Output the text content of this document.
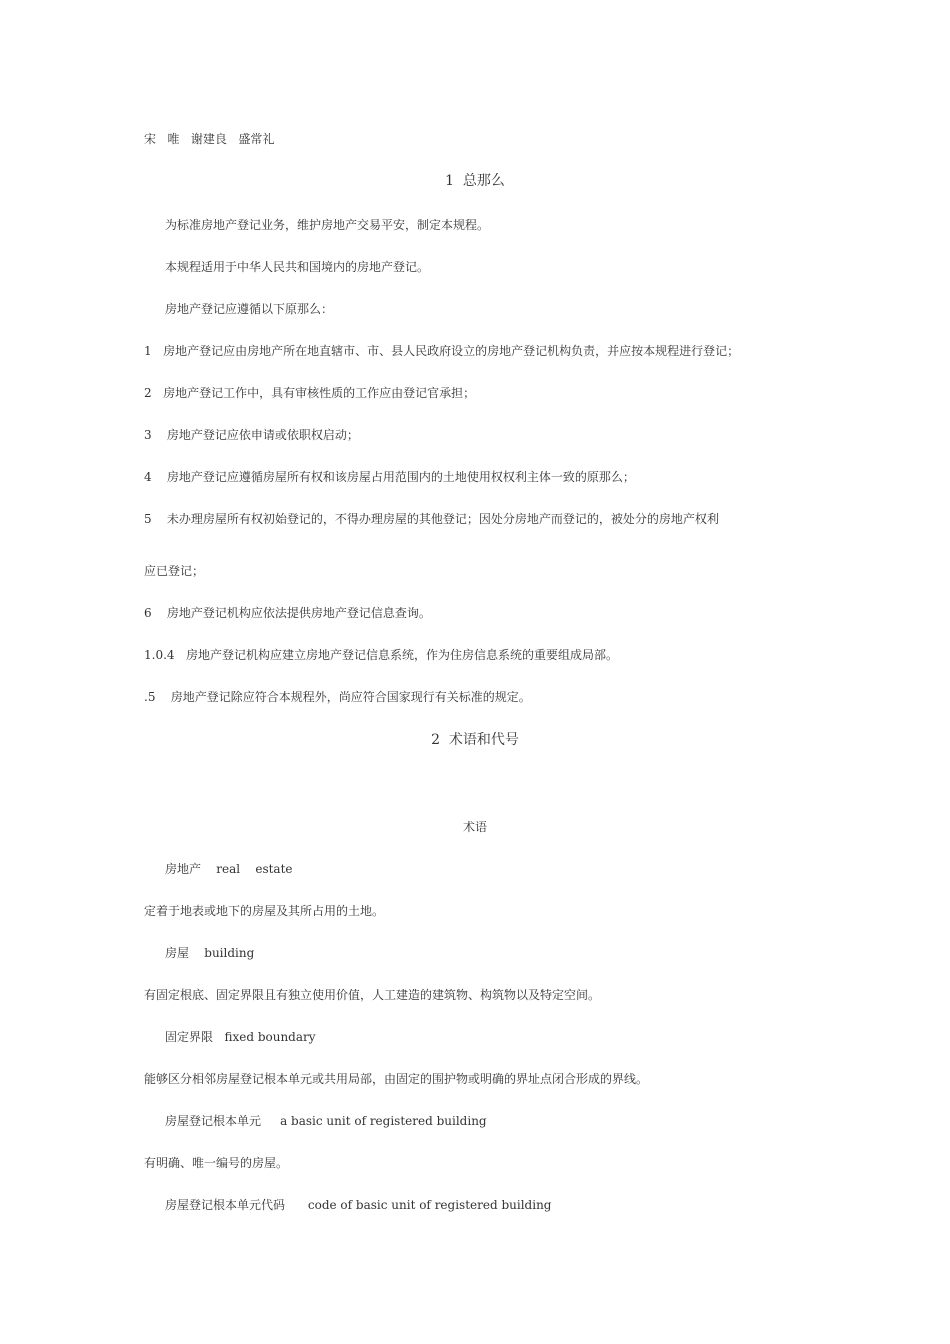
宋   唯   谢建良   盛常礼
1  总那么
为标准房地产登记业务，维护房地产交易平安，制定本规程。
本规程适用于中华人民共和国境内的房地产登记。
房地产登记应遵循以下原那么：
1   房地产登记应由房地产所在地直辖市、市、县人民政府设立的房地产登记机构负责，并应按本规程进行登记；
2   房地产登记工作中，具有审核性质的工作应由登记官承担；
3    房地产登记应依申请或依职权启动；
4    房地产登记应遵循房屋所有权和该房屋占用范围内的土地使用权权利主体一致的原那么；
5    未办理房屋所有权初始登记的，不得办理房屋的其他登记；因处分房地产而登记的，被处分的房地产权利
应已登记；
6    房地产登记机构应依法提供房地产登记信息查询。
1.0.4   房地产登记机构应建立房地产登记信息系统，作为住房信息系统的重要组成局部。
.5    房地产登记除应符合本规程外，尚应符合国家现行有关标准的规定。
2  术语和代号
术语
房地产    real    estate
定着于地表或地下的房屋及其所占用的土地。
房屋    building
有固定根底、固定界限且有独立使用价值，人工建造的建筑物、构筑物以及特定空间。
固定界限   fixed boundary
能够区分相邻房屋登记根本单元或共用局部，由固定的围护物或明确的界址点闭合形成的界线。
房屋登记根本单元     a basic unit of registered building
有明确、唯一编号的房屋。
房屋登记根本单元代码      code of basic unit of registered building
